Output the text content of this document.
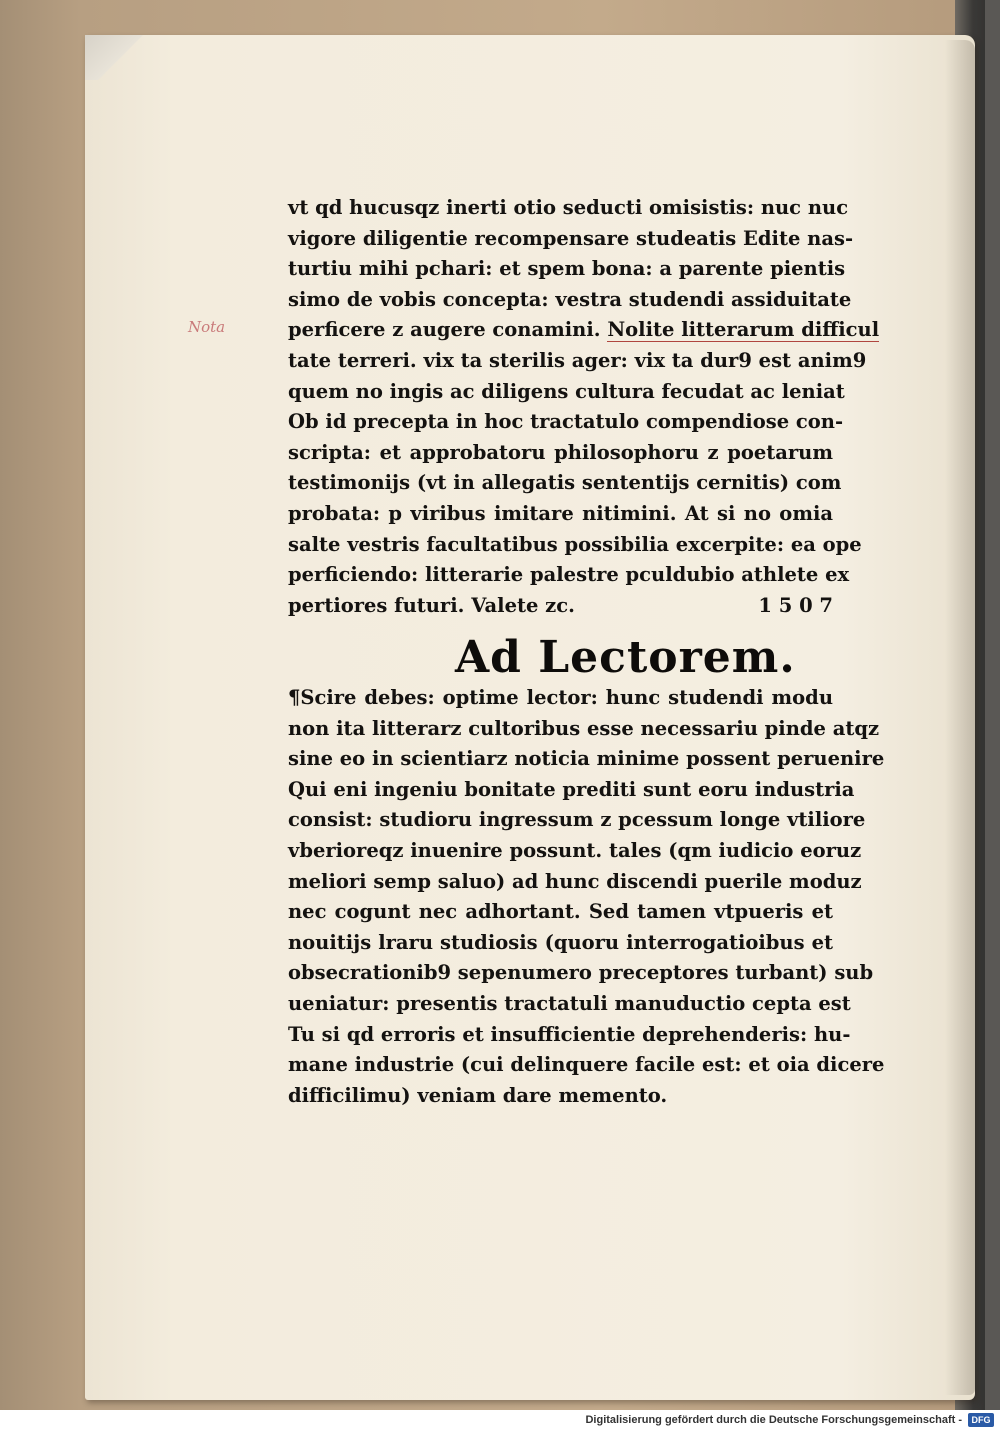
Nota
vt qd hucusqz inerti otio seducti omisistis: nuc nuc
vigore diligentie recompensare studeatis Edite nas-
turtiu mihi pchari: et spem bona: a parente pientis
simo de vobis concepta: vestra studendi assiduitate
perficere z augere conamini. Nolite litterarum difficul
tate terreri. vix ta sterilis ager: vix ta dur9 est anim9
quem no ingis ac diligens cultura fecudat ac leniat
Ob id precepta in hoc tractatulo compendiose con-
scripta: et approbatoru philosophoru z poetarum
testimonijs (vt in allegatis sententijs cernitis) com
probata: p viribus imitare nitimini. At si no omia
salte vestris facultatibus possibilia excerpite: ea ope
perficiendo: litterarie palestre pculdubio athlete ex
pertiores futuri. Valete zc.	1 5 0 7
Ad Lectorem.
¶Scire debes: optime lector: hunc studendi modu
non ita litterarz cultoribus esse necessariu pinde atqz
sine eo in scientiarz noticia minime possent peruenire
Qui eni ingeniu bonitate prediti sunt eoru industria
consist: studioru ingressum z pcessum longe vtiliore
vberioreqz inuenire possunt. tales (qm iudicio eoruz
meliori semp saluo) ad hunc discendi puerile moduz
nec cogunt nec adhortant. Sed tamen vtpueris et
nouitijs lraru studiosis (quoru interrogatioibus et
obsecrationib9 sepenumero preceptores turbant) sub
ueniatur: presentis tractatuli manuductio cepta est
Tu si qd erroris et insufficientie deprehenderis: hu-
mane industrie (cui delinquere facile est: et oia dicere
difficilimu) veniam dare memento.
Digitalisierung gefördert durch die Deutsche Forschungsgemeinschaft -	DFG
